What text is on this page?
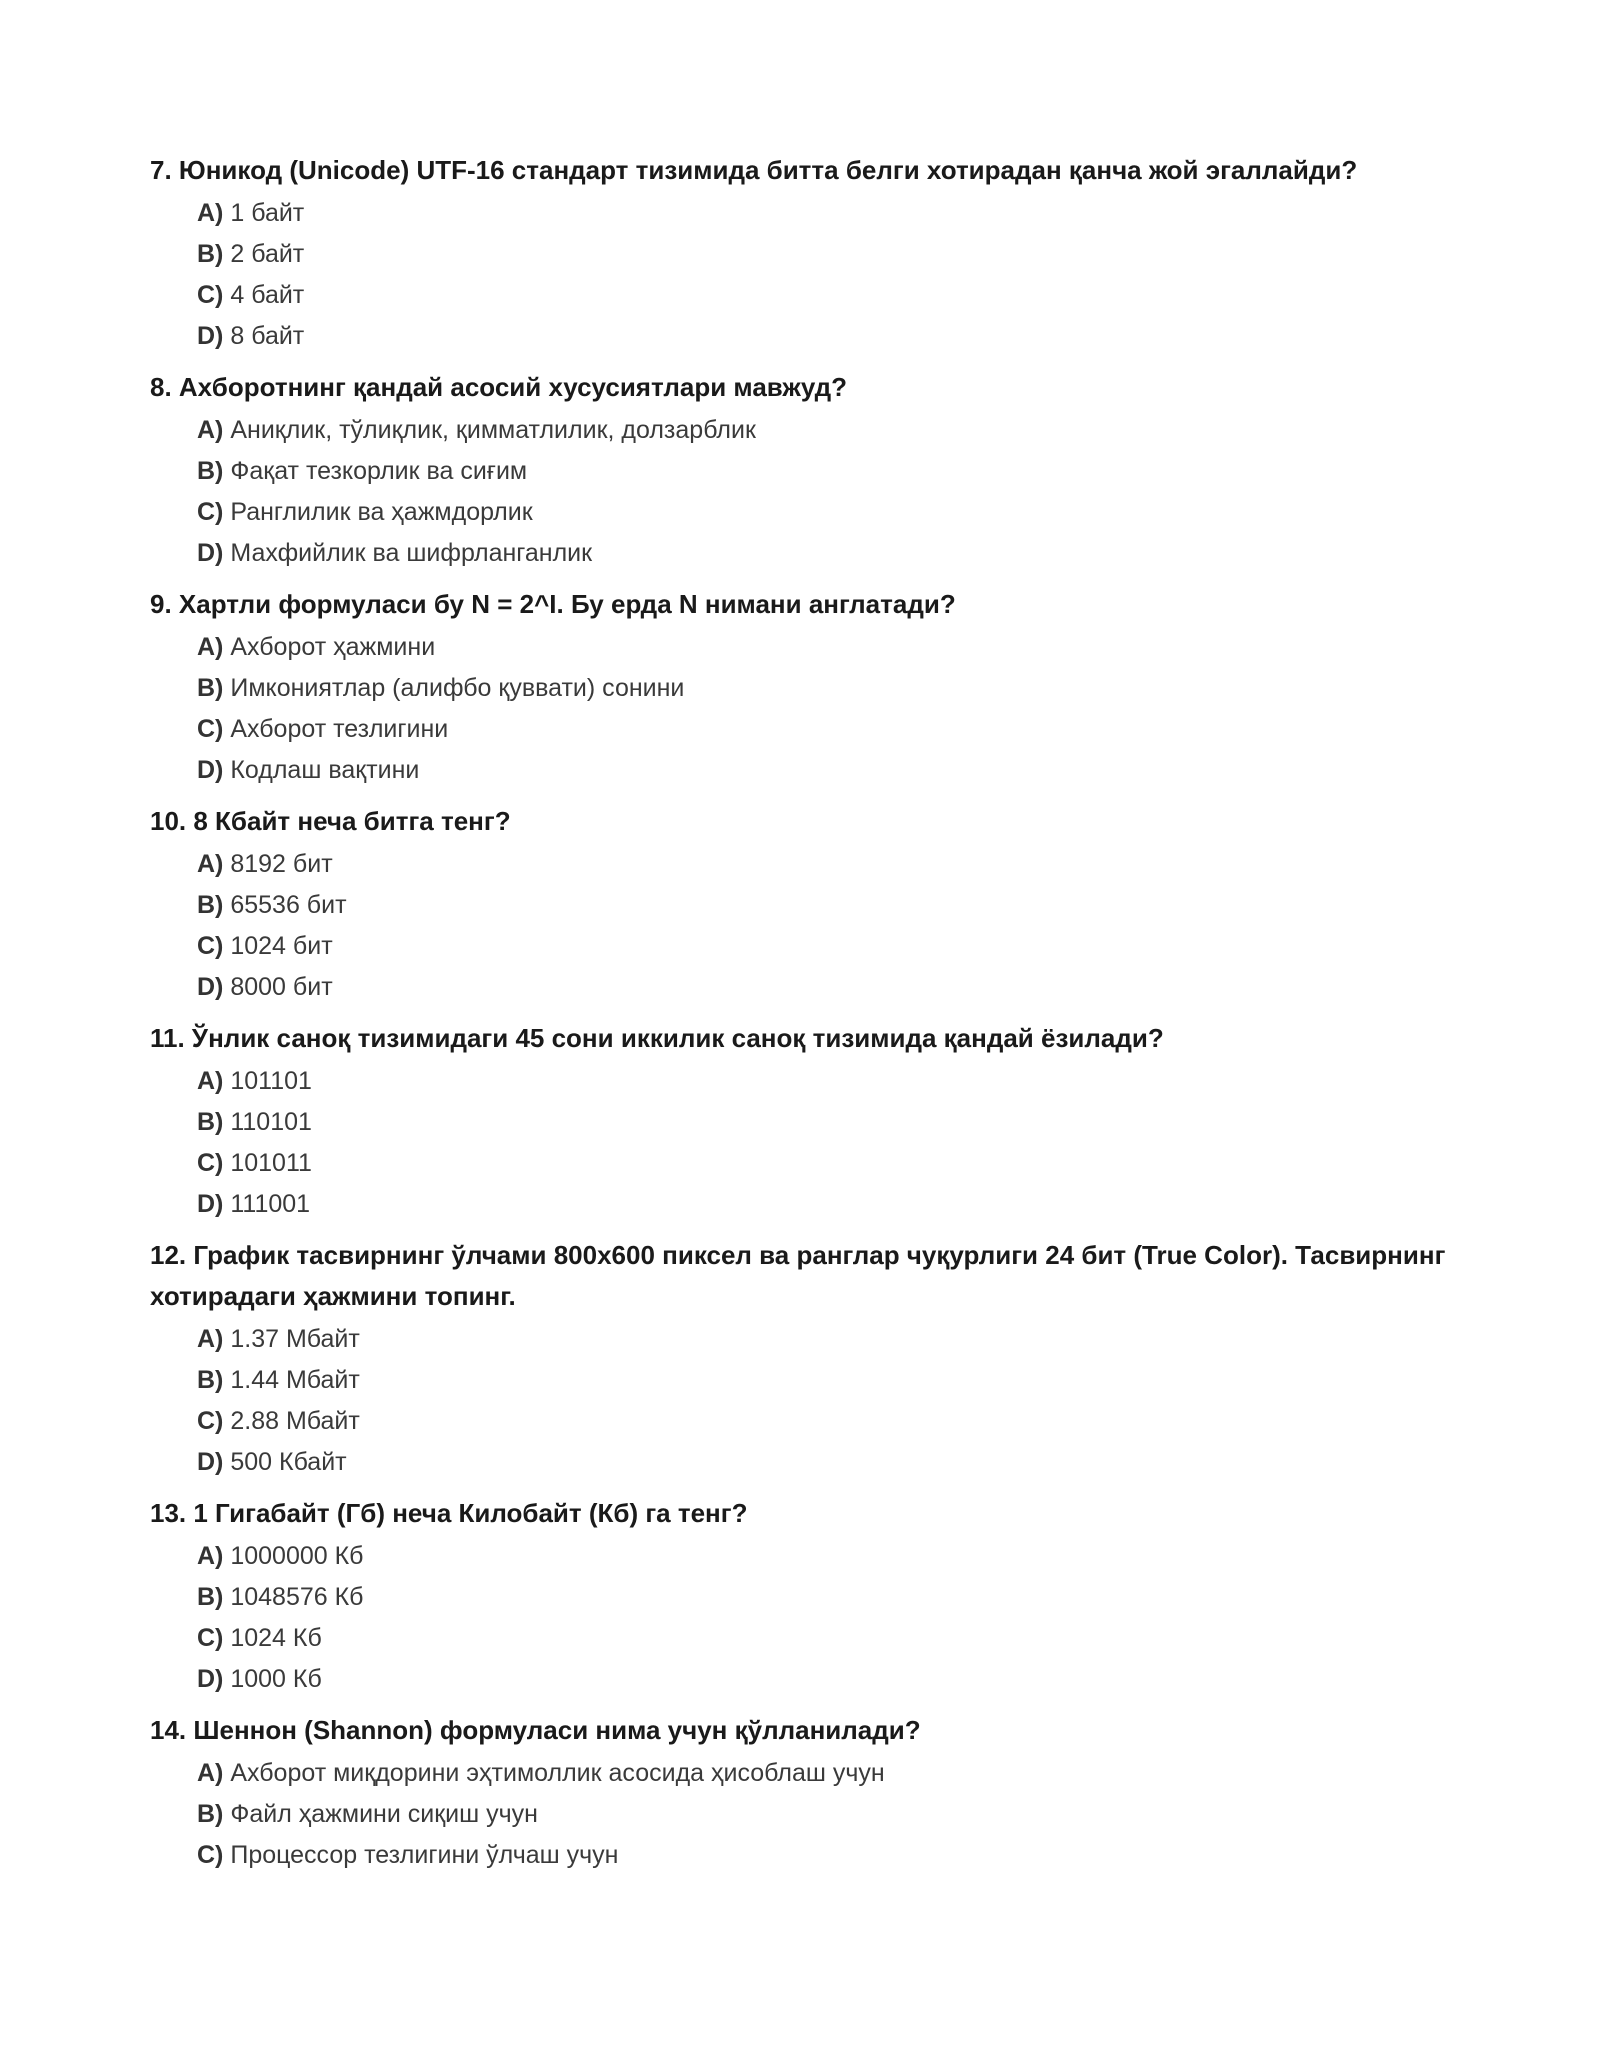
7. Юникод (Unicode) UTF-16 стандарт тизимида битта белги хотирадан қанча жой эгаллайди?
A) 1 байт
B) 2 байт
C) 4 байт
D) 8 байт
8. Ахборотнинг қандай асосий хусусиятлари мавжуд?
A) Аниқлик, тўлиқлик, қимматлилик, долзарблик
B) Фақат тезкорлик ва сиғим
C) Ранглилик ва ҳажмдорлик
D) Махфийлик ва шифрланганлик
9. Хартли формуласи бу N = 2^I. Бу ерда N нимани англатади?
A) Ахборот ҳажмини
B) Имкониятлар (алифбо қуввати) сонини
C) Ахборот тезлигини
D) Кодлаш вақтини
10. 8 Кбайт неча битга тенг?
A) 8192 бит
B) 65536 бит
C) 1024 бит
D) 8000 бит
11. Ўнлик саноқ тизимидаги 45 сони иккилик саноқ тизимида қандай ёзилади?
A) 101101
B) 110101
C) 101011
D) 111001
12. График тасвирнинг ўлчами 800x600 пиксел ва ранглар чуқурлиги 24 бит (True Color). Тасвирнинг хотирадаги ҳажмини топинг.
A) 1.37 Мбайт
B) 1.44 Мбайт
C) 2.88 Мбайт
D) 500 Кбайт
13. 1 Гигабайт (Гб) неча Килобайт (Кб) га тенг?
A) 1000000 Кб
B) 1048576 Кб
C) 1024 Кб
D) 1000 Кб
14. Шеннон (Shannon) формуласи нима учун қўлланилади?
A) Ахборот миқдорини эҳтимоллик асосида ҳисоблаш учун
B) Файл ҳажмини сиқиш учун
C) Процессор тезлигини ўлчаш учун
